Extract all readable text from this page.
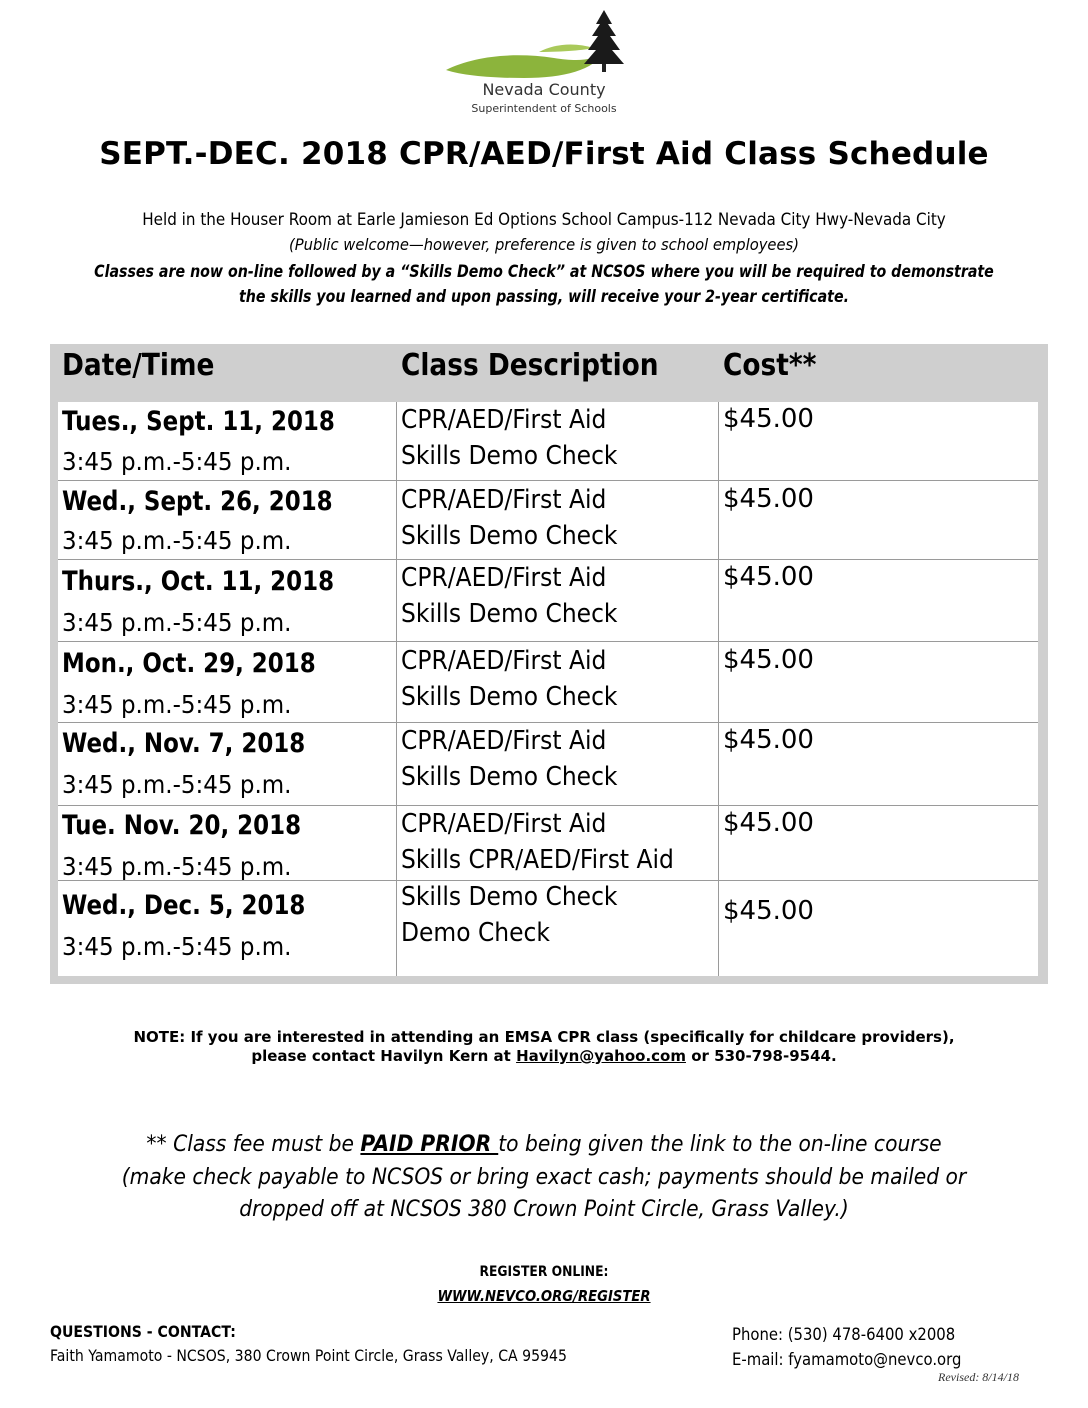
Nevada County
Superintendent of Schools
SEPT.-DEC. 2018 CPR/AED/First Aid Class Schedule
Held in the Houser Room at Earle Jamieson Ed Options School Campus-112 Nevada City Hwy-Nevada City
(Public welcome—however, preference is given to school employees)
Classes are now on-line followed by a “Skills Demo Check” at NCSOS where you will be required to demonstrate
the skills you learned and upon passing, will receive your 2-year certificate.
Date/Time	Class Description Cost**
Tues., Sept. 11, 2018
3:45 p.m.-5:45 p.m.
CPR/AED/First Aid
Skills Demo Check
$45.00
Wed., Sept. 26, 2018
3:45 p.m.-5:45 p.m.
CPR/AED/First Aid
Skills Demo Check
$45.00
Thurs., Oct. 11, 2018
3:45 p.m.-5:45 p.m.
CPR/AED/First Aid
Skills Demo Check
$45.00
Mon., Oct. 29, 2018
3:45 p.m.-5:45 p.m.
CPR/AED/First Aid
Skills Demo Check
$45.00
Wed., Nov. 7, 2018
3:45 p.m.-5:45 p.m.
CPR/AED/First Aid
Skills Demo Check
$45.00
Tue. Nov. 20, 2018
3:45 p.m.-5:45 p.m.
CPR/AED/First Aid
Skills CPR/AED/First Aid
$45.00
Wed., Dec. 5, 2018
3:45 p.m.-5:45 p.m.
Skills Demo Check
Demo Check
$45.00
NOTE: If you are interested in attending an EMSA CPR class (specifically for childcare providers),
please contact Havilyn Kern at Havilyn@yahoo.com or 530-798-9544.
** Class fee must be PAID PRIOR to being given the link to the on-line course
(make check payable to NCSOS or bring exact cash; payments should be mailed or
dropped off at NCSOS 380 Crown Point Circle, Grass Valley.)
REGISTER ONLINE:
WWW.NEVCO.ORG/REGISTER
QUESTIONS - CONTACT:
Faith Yamamoto - NCSOS, 380 Crown Point Circle, Grass Valley, CA 95945
Phone: (530) 478-6400 x2008
E-mail: fyamamoto@nevco.org
Revised: 8/14/18
